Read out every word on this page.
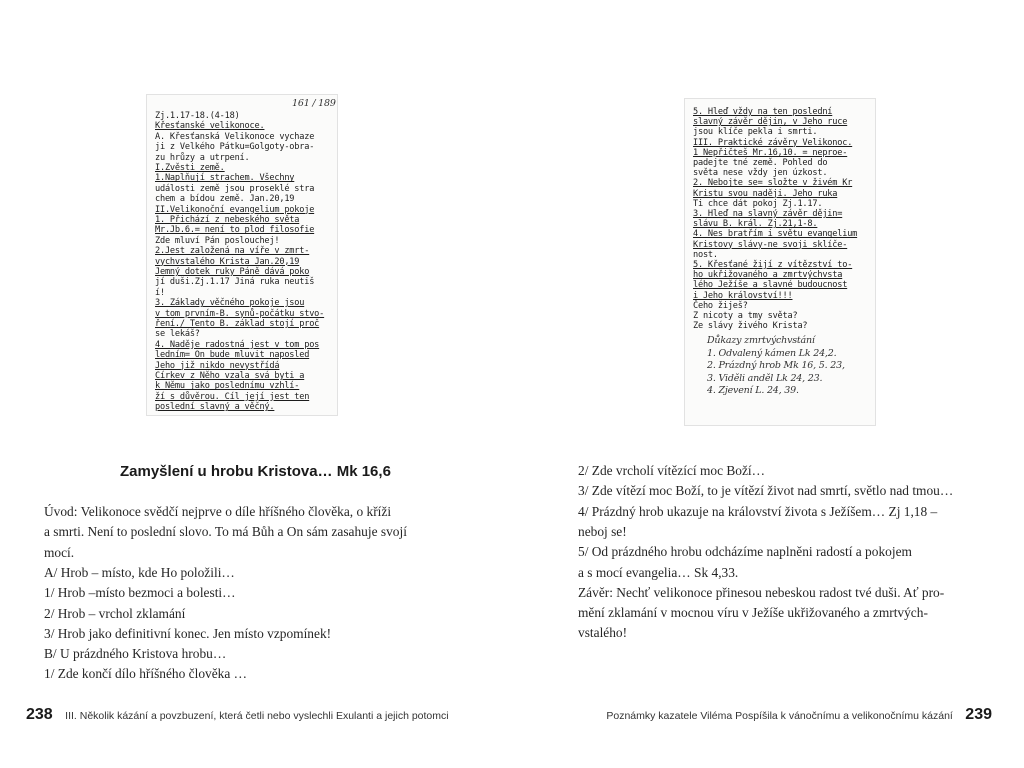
Zj.1.17-18.(4-18)
Křesťanské velikonoce.
A. Křesťanská Velikonoce vychaze
ji z Velkého Pátku=Golgoty-obra-
zu hrůzy a utrpení.
I.Zvěsti země.
1.Naplňují strachem. Všechny
události země jsou proseklé stra
chem a bídou země. Jan.20,19
II.Velikonoční evangelium pokoje
1. Přichází z nebeského světa
Mr.Jb.6.= není to plod filosofie
Zde mluví Pán poslouchej!
2.Jest založená na víře v zmrt-
vychvstalého Krista Jan.20,19
Jemný dotek ruky Páně dává poko
jí duši.Zj.1.17 Jiná ruka neutiš
í!
3. Základy věčného pokoje jsou
v tom prvním-B. synů-počátku stvo-
ření./ Tento B. základ stojí proč
se lekáš?
4. Naděje radostná jest v tom pos
ledním= On bude mluvit naposled
Jeho již nikdo nevystřídá
Církev z Něho vzala svá byti a
k Němu jako poslednímu vzhlí-
ží s důvěrou. Cíl její jest ten
poslední slavný a věčný.
161 / 189
Zamyšlení u hrobu Kristova… Mk 16,6
Úvod: Velikonoce svědčí nejprve o díle hříšného člověka, o kříži
a smrti. Není to poslední slovo. To má Bůh a On sám zasahuje svojí
mocí.
A/ Hrob – místo, kde Ho položili…
1/ Hrob –místo bezmoci a bolesti…
2/ Hrob – vrchol zklamání
3/ Hrob jako definitivní konec. Jen místo vzpomínek!
B/ U prázdného Kristova hrobu…
1/ Zde končí dílo hříšného člověka …
238 III. Několik kázání a povzbuzení, která četli nebo vyslechli Exulanti a jejich potomci
5. Hleď vždy na ten poslední
slavný závěr dějin, v Jeho ruce
jsou klíče pekla i smrti.
III. Praktické závěry Velikonoc.
1 Nepřičteš Mr.16,10. = neproe-
padejte tné země. Pohled do
světa nese vždy jen úzkost.
2. Nebojte se= složte v živém Kr
Kristu svou naději. Jeho ruka
Ti chce dát pokoj Zj.1.17.
3. Hleď na slavný závěr dějin=
slávu B. král. Zj.21,1-8.
4. Nes bratřím i světu evangelium
Kristovy slávy-ne svoji sklíče-
nost.
5. Křesťané žijí z vítězství to-
ho ukřižovaného a zmrtvýchvsta
lého Ježíše a slavné budoucnost
i Jeho království!!!
Čeho žiješ?
Z nicoty a tmy světa?
Ze slávy živého Krista?
Důkazy zmrtvýchvstání
1. Odvalený kámen Lk 24,2.
2. Prázdný hrob Mk 16, 5. 23,
3. Viděli anděl Lk 24, 23.
4. Zjevení L. 24, 39.
2/ Zde vrcholí vítězící moc Boží…
3/ Zde vítězí moc Boží, to je vítězí život nad smrtí, světlo nad tmou…
4/ Prázdný hrob ukazuje na království života s Ježíšem… Zj 1,18 –
neboj se!
5/ Od prázdného hrobu odcházíme naplněni radostí a pokojem
a s mocí evangelia… Sk 4,33.
Závěr: Nechť velikonoce přinesou nebeskou radost tvé duši. Ať pro-
mění zklamání v mocnou víru v Ježíše ukřižovaného a zmrtvých-
vstalého!
Poznámky kazatele Viléma Pospíšila k vánočnímu a velikonočnímu kázání 239
